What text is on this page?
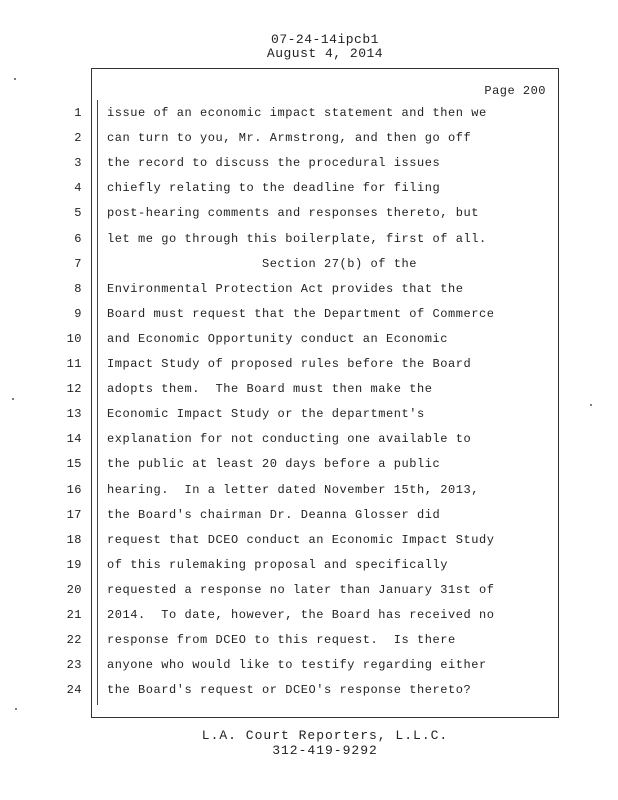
07-24-14ipcb1
August 4, 2014
Page 200
1 issue of an economic impact statement and then we
2 can turn to you, Mr. Armstrong, and then go off
3 the record to discuss the procedural issues
4 chiefly relating to the deadline for filing
5 post-hearing comments and responses thereto, but
6 let me go through this boilerplate, first of all.
7 Section 27(b) of the
8 Environmental Protection Act provides that the
9 Board must request that the Department of Commerce
10 and Economic Opportunity conduct an Economic
11 Impact Study of proposed rules before the Board
12 adopts them.  The Board must then make the
13 Economic Impact Study or the department's
14 explanation for not conducting one available to
15 the public at least 20 days before a public
16 hearing.  In a letter dated November 15th, 2013,
17 the Board's chairman Dr. Deanna Glosser did
18 request that DCEO conduct an Economic Impact Study
19 of this rulemaking proposal and specifically
20 requested a response no later than January 31st of
21 2014.  To date, however, the Board has received no
22 response from DCEO to this request.  Is there
23 anyone who would like to testify regarding either
24 the Board's request or DCEO's response thereto?
L.A. Court Reporters, L.L.C.
312-419-9292
